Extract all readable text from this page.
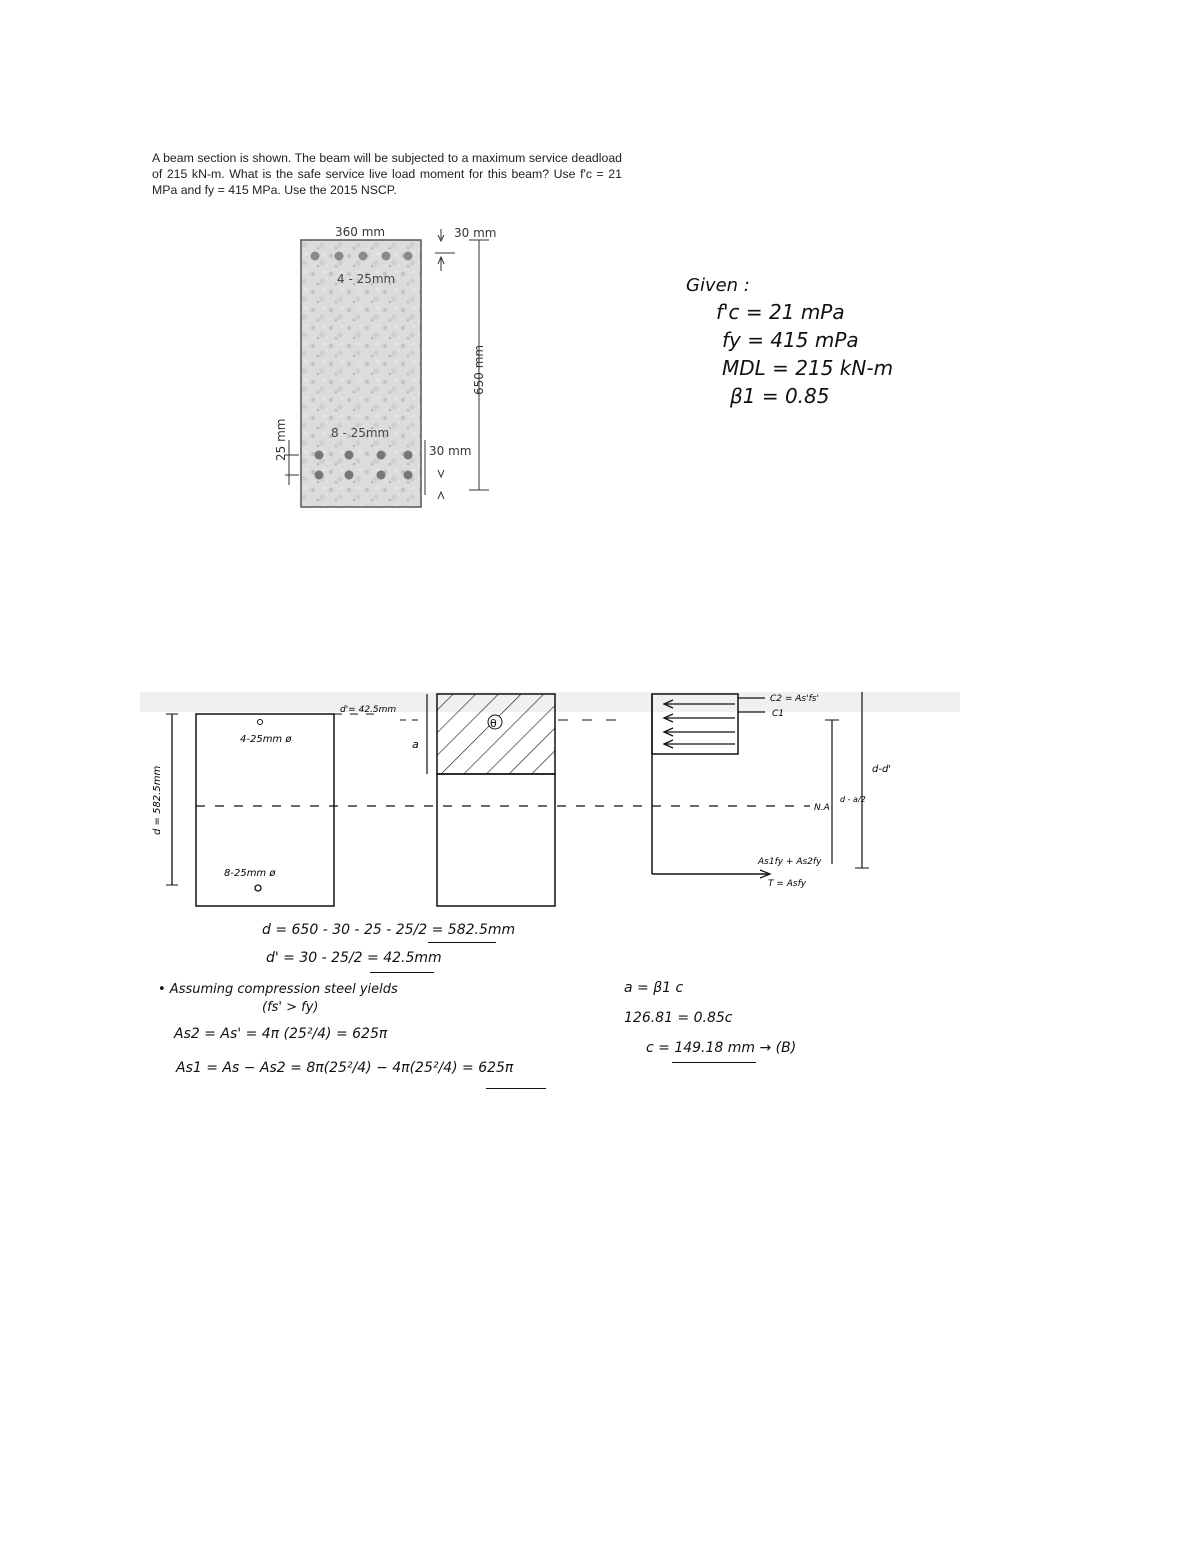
A beam section is shown. The beam will be subjected to a maximum service deadload of 215 kN-m. What is the safe service live load moment for this beam? Use f'c = 21 MPa and fy = 415 MPa. Use the 2015 NSCP.
360 mm
4 - 25mm
8 - 25mm
30 mm
650 mm
30 mm
25 mm
Given :
f'c = 21 mPa
fy = 415 mPa
MDL = 215 kN-m
β1 = 0.85
d = 582.5mm
4-25mm ø
8-25mm ø
d'= 42.5mm
a
θ
C2 = As'fs'
C1
N.A
As1fy + As2fy
T = Asfy
d - a/2
d-d'
d = 650 - 30 - 25 - 25/2 = 582.5mm
d' = 30 - 25/2 = 42.5mm
• Assuming compression steel yields
(fs' > fy)
As2 = As' = 4π (25²/4) = 625π
As1 = As − As2 = 8π(25²/4) − 4π(25²/4) = 625π
a = β1 c
126.81 = 0.85c
c = 149.18 mm → (B)
